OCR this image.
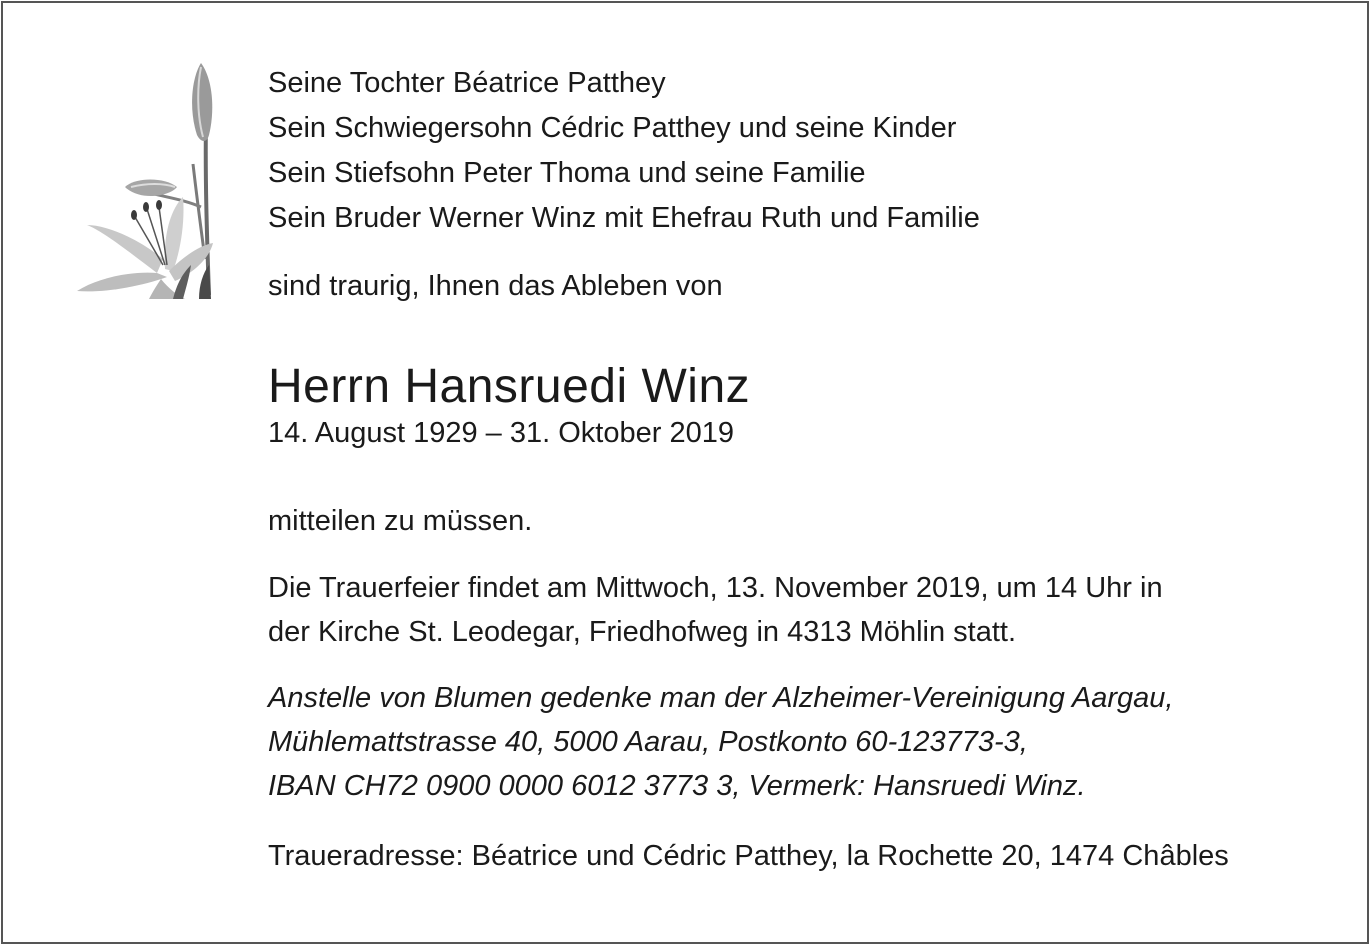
Seine Tochter Béatrice Patthey
Sein Schwiegersohn Cédric Patthey und seine Kinder
Sein Stiefsohn Peter Thoma und seine Familie
Sein Bruder Werner Winz mit Ehefrau Ruth und Familie

sind traurig, Ihnen das Ableben von

Herrn Hansruedi Winz
14. August 1929 – 31. Oktober 2019

mitteilen zu müssen.

Die Trauerfeier findet am Mittwoch, 13. November 2019, um 14 Uhr in
der Kirche St. Leodegar, Friedhofweg in 4313 Möhlin statt.
Anstelle von Blumen gedenke man der Alzheimer-Vereinigung Aargau,
Mühlemattstrasse 40, 5000 Aarau, Postkonto 60-123773-3,
IBAN CH72 0900 0000 6012 3773 3, Vermerk: Hansruedi Winz.

Traueradresse: Béatrice und Cédric Patthey, la Rochette 20, 1474 Châbles
